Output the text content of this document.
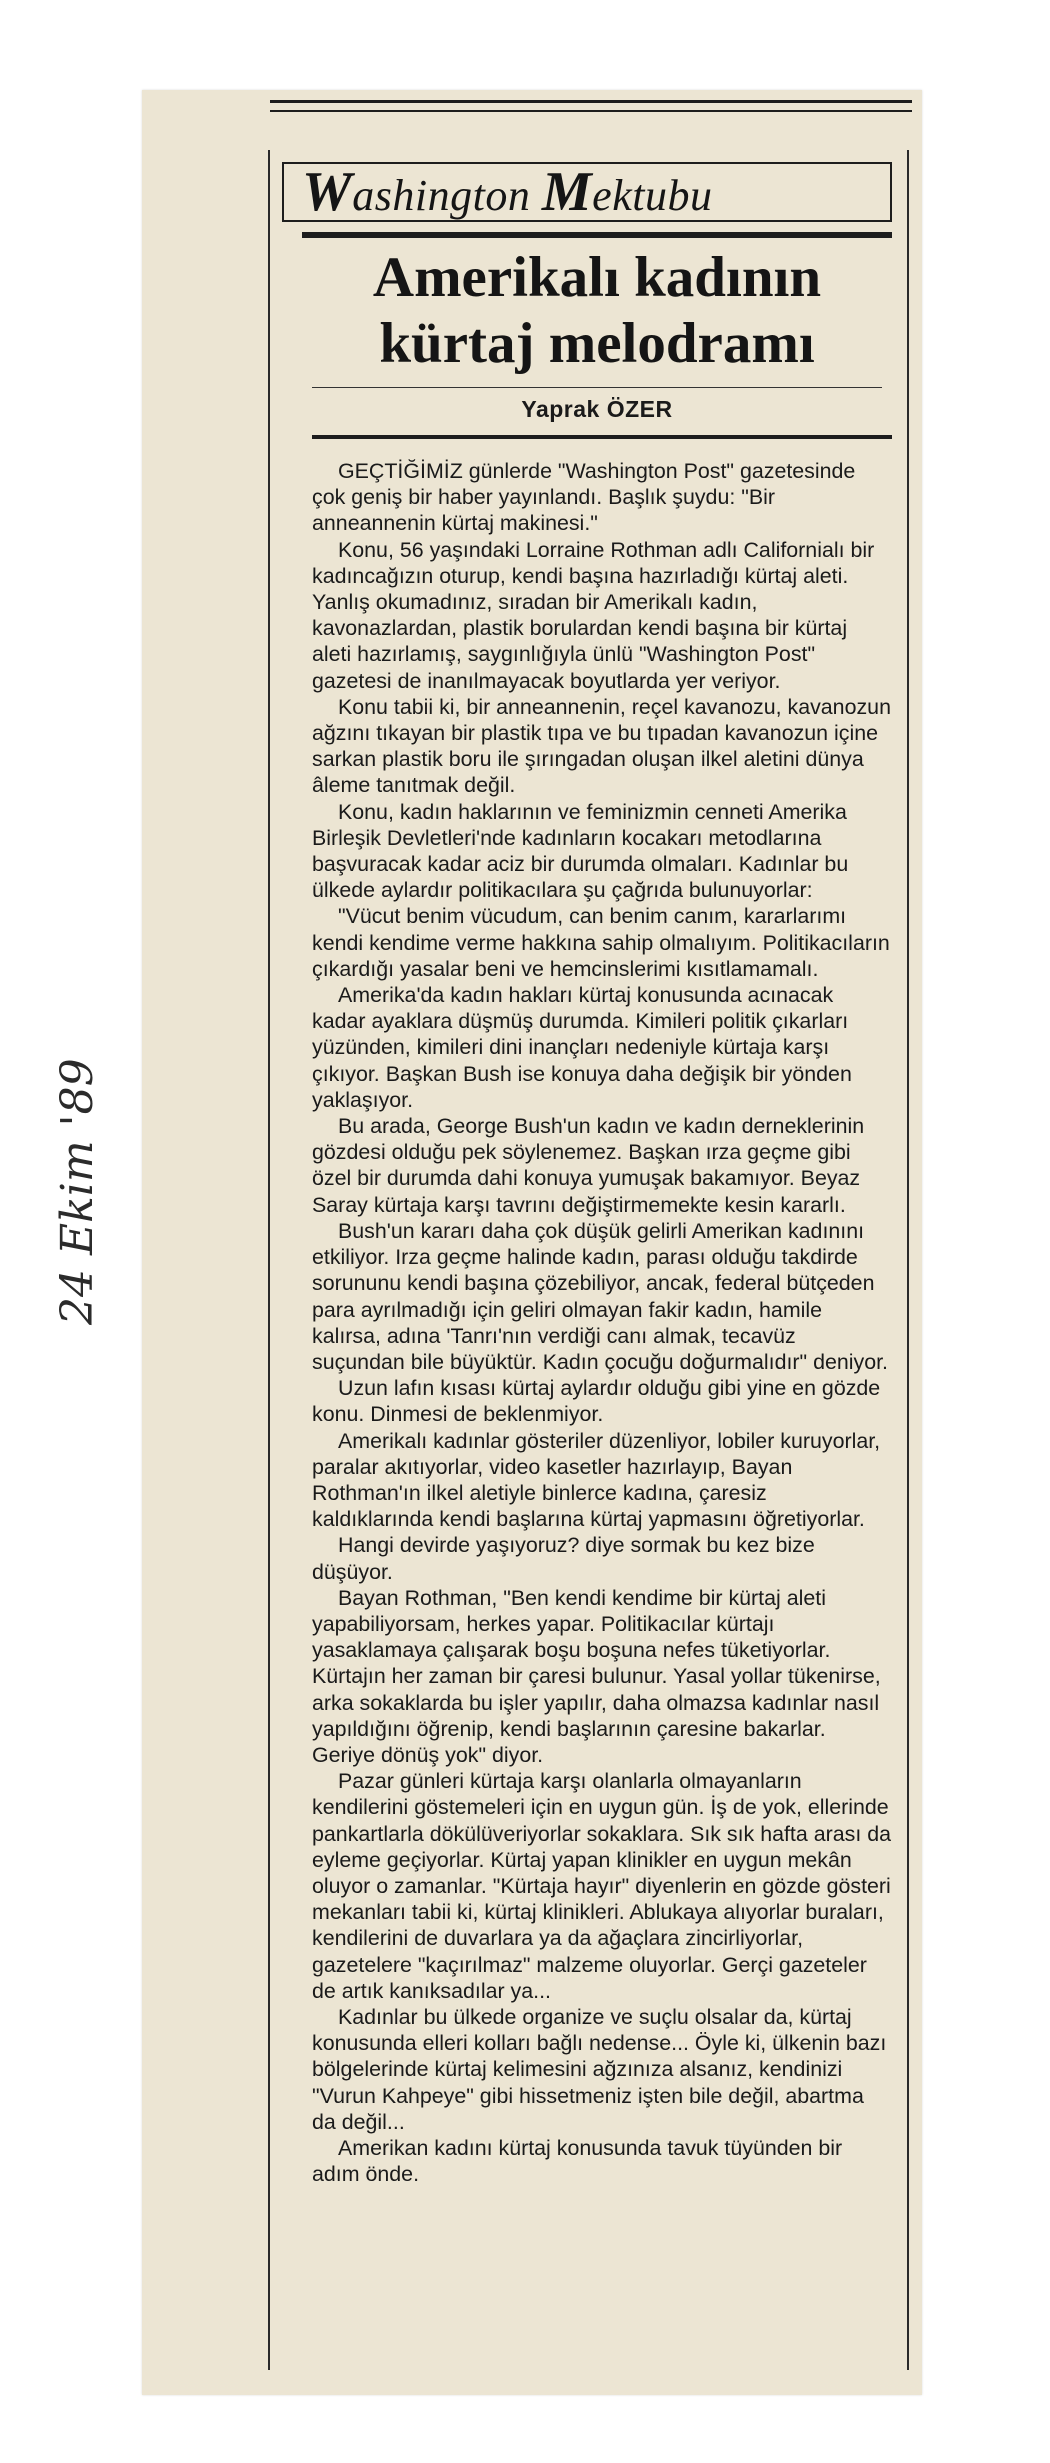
Washington Mektubu
Amerikalı kadının
kürtaj melodramı
Yaprak ÖZER

GEÇTİĞİMİZ günlerde "Washington Post" gazetesinde çok geniş bir haber yayınlandı. Başlık şuydu: "Bir anneannenin kürtaj makinesi."

Konu, 56 yaşındaki Lorraine Rothman adlı Californialı bir kadıncağızın oturup, kendi başına hazırladığı kürtaj aleti. Yanlış okumadınız, sıradan bir Amerikalı kadın, kavonazlardan, plastik borulardan kendi başına bir kürtaj aleti hazırlamış, saygınlığıyla ünlü "Washington Post" gazetesi de inanılmayacak boyutlarda yer veriyor.

Konu tabii ki, bir anneannenin, reçel kavanozu, kavanozun ağzını tıkayan bir plastik tıpa ve bu tıpadan kavanozun içine sarkan plastik boru ile şırıngadan oluşan ilkel aletini dünya âleme tanıtmak değil.

Konu, kadın haklarının ve feminizmin cenneti Amerika Birleşik Devletleri'nde kadınların kocakarı metodlarına başvuracak kadar aciz bir durumda olmaları. Kadınlar bu ülkede aylardır politikacılara şu çağrıda bulunuyorlar:

"Vücut benim vücudum, can benim canım, kararlarımı kendi kendime verme hakkına sahip olmalıyım. Politikacıların çıkardığı yasalar beni ve hemcinslerimi kısıtlamamalı.

Amerika'da kadın hakları kürtaj konusunda acınacak kadar ayaklara düşmüş durumda. Kimileri politik çıkarları yüzünden, kimileri dini inançları nedeniyle kürtaja karşı çıkıyor. Başkan Bush ise konuya daha değişik bir yönden yaklaşıyor.

Bu arada, George Bush'un kadın ve kadın derneklerinin gözdesi olduğu pek söylenemez. Başkan ırza geçme gibi özel bir durumda dahi konuya yumuşak bakamıyor. Beyaz Saray kürtaja karşı tavrını değiştirmemekte kesin kararlı.

Bush'un kararı daha çok düşük gelirli Amerikan kadınını etkiliyor. Irza geçme halinde kadın, parası olduğu takdirde sorununu kendi başına çözebiliyor, ancak, federal bütçeden para ayrılmadığı için geliri olmayan fakir kadın, hamile kalırsa, adına 'Tanrı'nın verdiği canı almak, tecavüz suçundan bile büyüktür. Kadın çocuğu doğurmalıdır" deniyor.

Uzun lafın kısası kürtaj aylardır olduğu gibi yine en gözde konu. Dinmesi de beklenmiyor.

Amerikalı kadınlar gösteriler düzenliyor, lobiler kuruyorlar, paralar akıtıyorlar, video kasetler hazırlayıp, Bayan Rothman'ın ilkel aletiyle binlerce kadına, çaresiz kaldıklarında kendi başlarına kürtaj yapmasını öğretiyorlar.

Hangi devirde yaşıyoruz? diye sormak bu kez bize düşüyor.

Bayan Rothman, "Ben kendi kendime bir kürtaj aleti yapabiliyorsam, herkes yapar. Politikacılar kürtajı yasaklamaya çalışarak boşu boşuna nefes tüketiyorlar. Kürtajın her zaman bir çaresi bulunur. Yasal yollar tükenirse, arka sokaklarda bu işler yapılır, daha olmazsa kadınlar nasıl yapıldığını öğrenip, kendi başlarının çaresine bakarlar. Geriye dönüş yok" diyor.

Pazar günleri kürtaja karşı olanlarla olmayanların kendilerini göstemeleri için en uygun gün. İş de yok, ellerinde pankartlarla dökülüveriyorlar sokaklara. Sık sık hafta arası da eyleme geçiyorlar. Kürtaj yapan klinikler en uygun mekân oluyor o zamanlar. "Kürtaja hayır" diyenlerin en gözde gösteri mekanları tabii ki, kürtaj klinikleri. Ablukaya alıyorlar buraları, kendilerini de duvarlara ya da ağaçlara zincirliyorlar, gazetelere "kaçırılmaz" malzeme oluyorlar. Gerçi gazeteler de artık kanıksadılar ya...

Kadınlar bu ülkede organize ve suçlu olsalar da, kürtaj konusunda elleri kolları bağlı nedense... Öyle ki, ülkenin bazı bölgelerinde kürtaj kelimesini ağzınıza alsanız, kendinizi "Vurun Kahpeye" gibi hissetmeniz işten bile değil, abartma da değil...

Amerikan kadını kürtaj konusunda tavuk tüyünden bir adım önde.

24 Ekim '89
